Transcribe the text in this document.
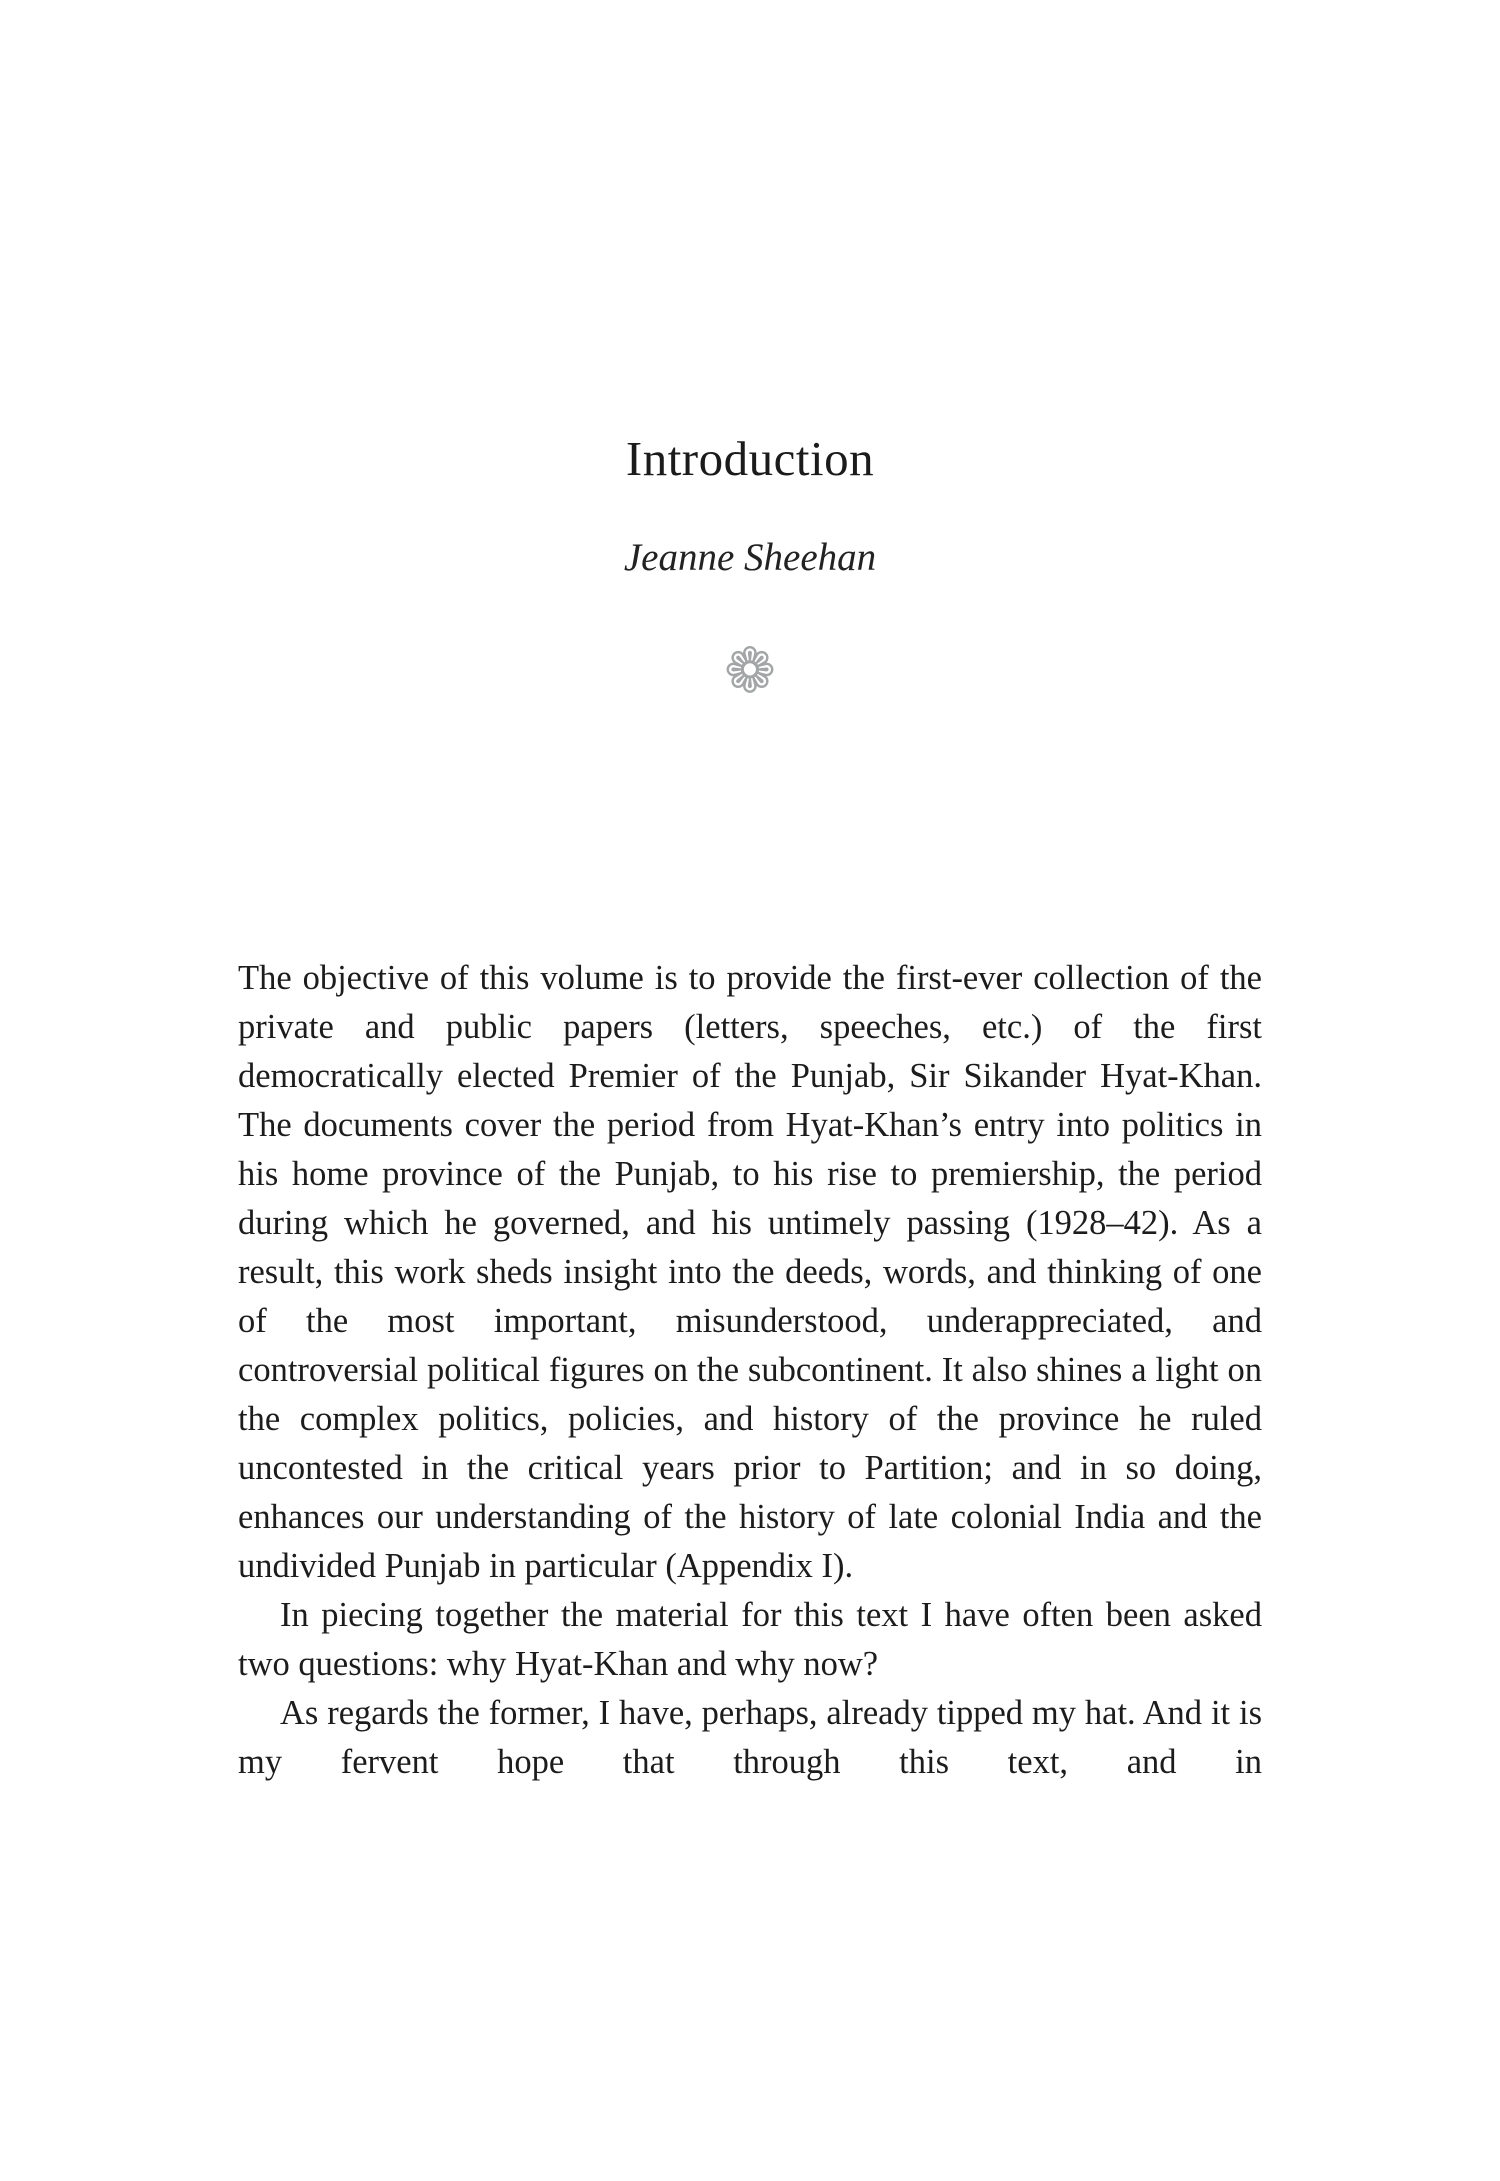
Introduction
Jeanne Sheehan
❁

The objective of this volume is to provide the first-ever collection of the private and public papers (letters, speeches, etc.) of the first democratically elected Premier of the Punjab, Sir Sikander Hyat-Khan. The documents cover the period from Hyat-Khan’s entry into politics in his home province of the Punjab, to his rise to premiership, the period during which he governed, and his untimely passing (1928–42). As a result, this work sheds insight into the deeds, words, and thinking of one of the most important, misunderstood, underappreciated, and controversial political figures on the subcontinent. It also shines a light on the complex politics, policies, and history of the province he ruled uncontested in the critical years prior to Partition; and in so doing, enhances our understanding of the history of late colonial India and the undivided Punjab in particular (Appendix I).

In piecing together the material for this text I have often been asked two questions: why Hyat-Khan and why now?

As regards the former, I have, perhaps, already tipped my hat. And it is my fervent hope that through this text, and in
